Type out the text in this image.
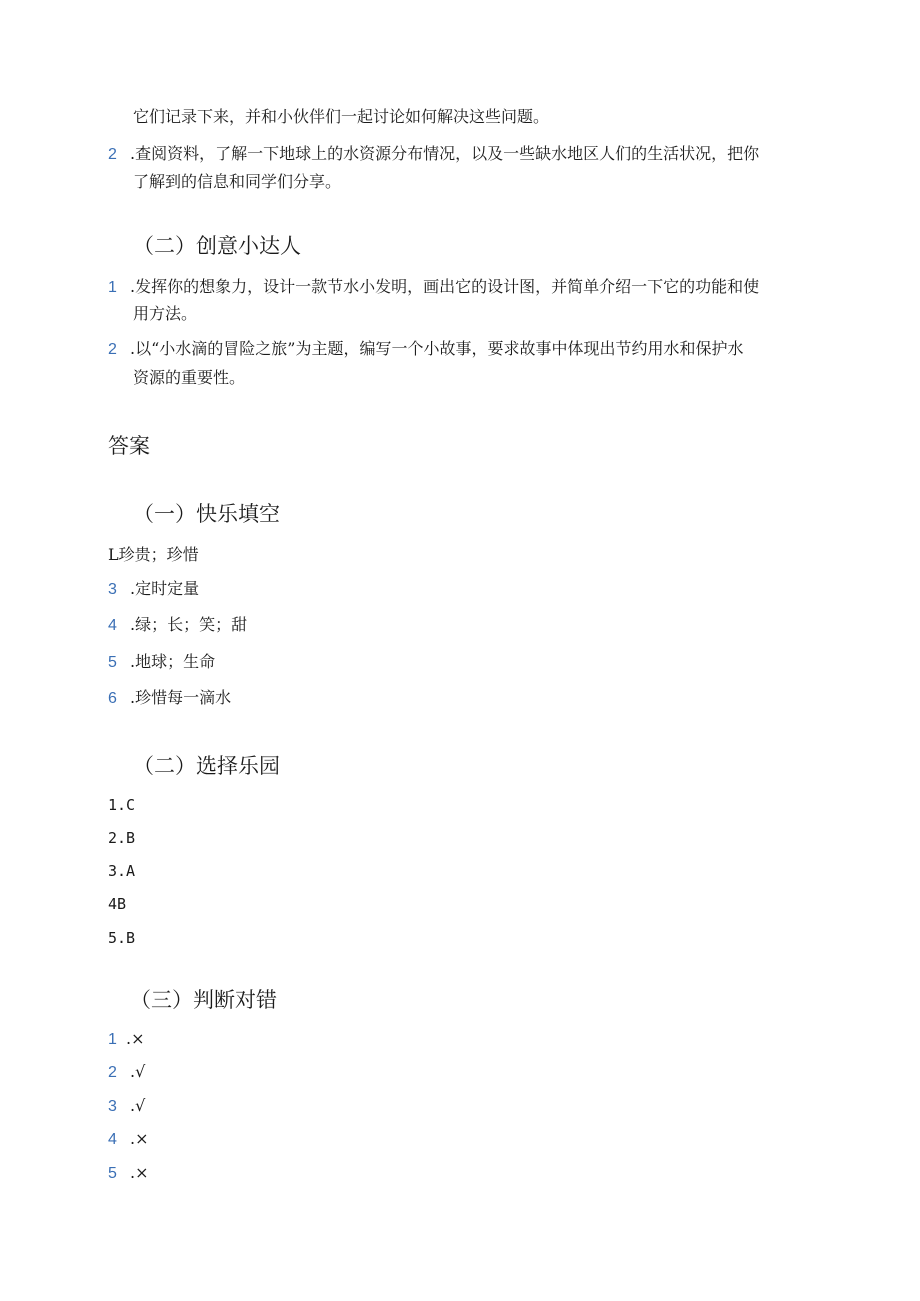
它们记录下来，并和小伙伴们一起讨论如何解决这些问题。
2 .查阅资料，了解一下地球上的水资源分布情况，以及一些缺水地区人们的生活状况，把你
了解到的信息和同学们分享。
（二）创意小达人
1 .发挥你的想象力，设计一款节水小发明，画出它的设计图，并简单介绍一下它的功能和使
用方法。
2 .以“小水滴的冒险之旅”为主题，编写一个小故事，要求故事中体现出节约用水和保护水
资源的重要性。
答案
（一）快乐填空
L珍贵；珍惜
3 .定时定量
4 .绿；长；笑；甜
5 .地球；生命
6 .珍惜每一滴水
（二）选择乐园
1.C
2.B
3.A
4B
5.B
（三）判断对错
1 .×
2 .√
3 .√
4 .×
5 .×
